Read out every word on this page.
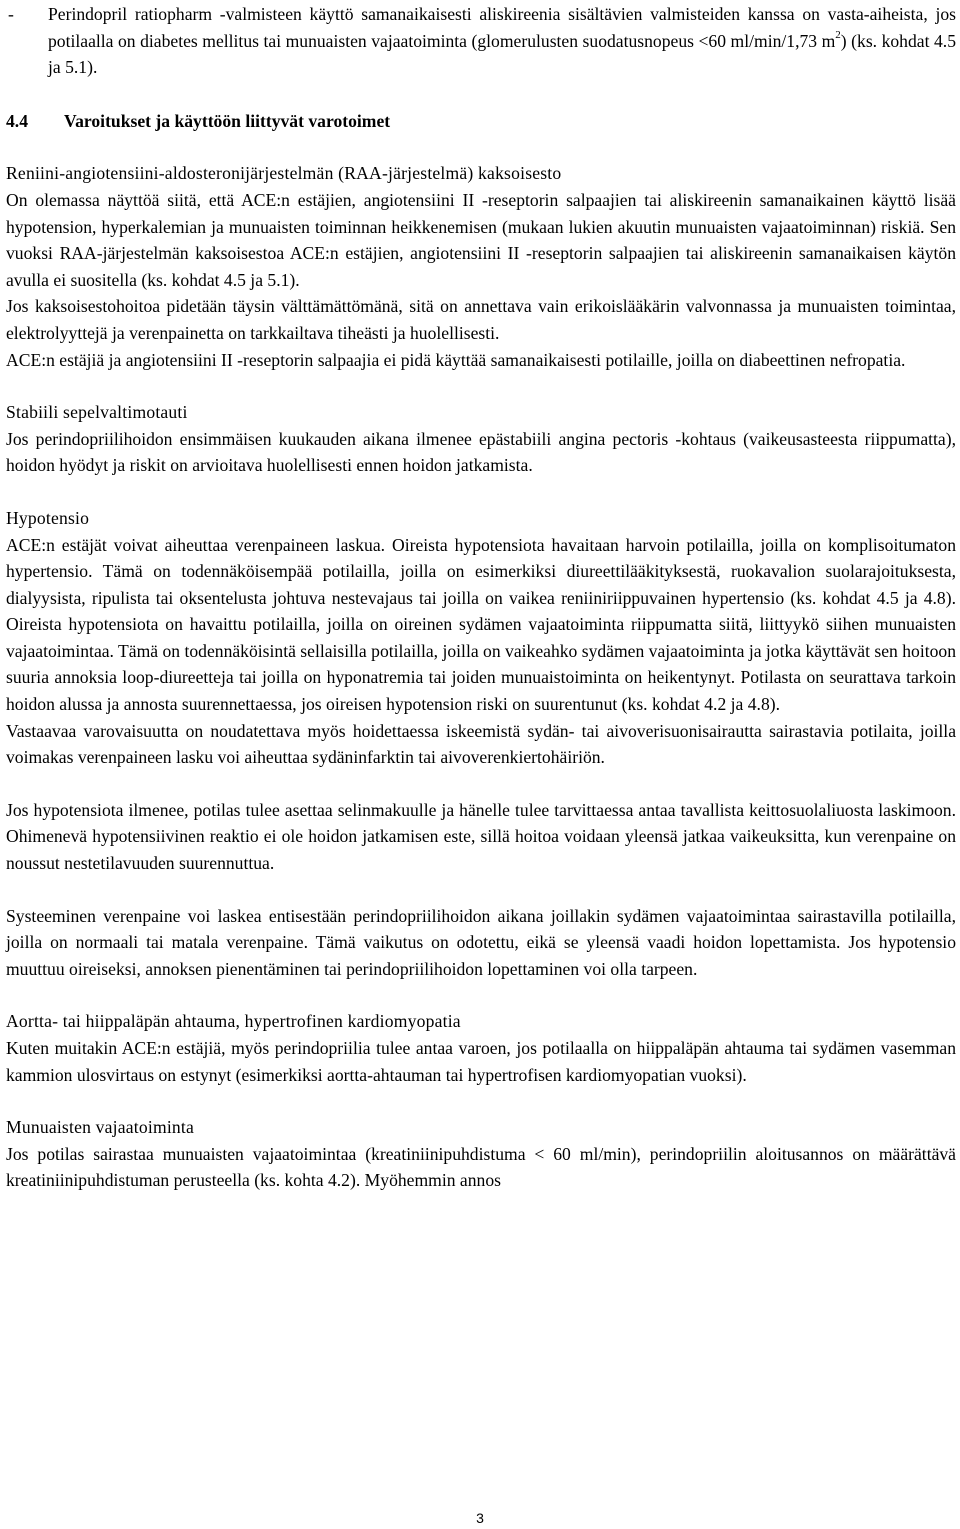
- Perindopril ratiopharm -valmisteen käyttö samanaikaisesti aliskireenia sisältävien valmisteiden kanssa on vasta-aiheista, jos potilaalla on diabetes mellitus tai munuaisten vajaatoiminta (glomerulusten suodatusnopeus <60 ml/min/1,73 $m^2$) (ks. kohdat 4.5 ja 5.1).

4.4 Varoitukset ja käyttöön liittyvät varotoimet

Reniini-angiotensiini-aldosteronijärjestelmän (RAA-järjestelmä) kaksoisesto

On olemassa näyttöä siitä, että ACE:n estäjien, angiotensiini II -reseptorin salpaajien tai aliskireenin samanaikainen käyttö lisää hypotension, hyperkalemian ja munuaisten toiminnan heikkenemisen (mukaan lukien akuutin munuaisten vajaatoiminnan) riskiä. Sen vuoksi RAA-järjestelmän kaksoisestoa ACE:n estäjien, angiotensiini II -reseptorin salpaajien tai aliskireenin samanaikaisen käytön avulla ei suositella (ks. kohdat 4.5 ja 5.1).

Jos kaksoisestohoitoa pidetään täysin välttämättömänä, sitä on annettava vain erikoislääkärin valvonnassa ja munuaisten toimintaa, elektrolyyttejä ja verenpainetta on tarkkailtava tiheästi ja huolellisesti.

ACE:n estäjiä ja angiotensiini II -reseptorin salpaajia ei pidä käyttää samanaikaisesti potilaille, joilla on diabeettinen nefropatia.

Stabiili sepelvaltimotauti

Jos perindopriilihoidon ensimmäisen kuukauden aikana ilmenee epästabiili angina pectoris -kohtaus (vaikeusasteesta riippumatta), hoidon hyödyt ja riskit on arvioitava huolellisesti ennen hoidon jatkamista.

Hypotensio

ACE:n estäjät voivat aiheuttaa verenpaineen laskua. Oireista hypotensiota havaitaan harvoin potilailla, joilla on komplisoitumaton hypertensio. Tämä on todennäköisempää potilailla, joilla on esimerkiksi diureettilääkityksestä, ruokavalion suolarajoituksesta, dialyysista, ripulista tai oksentelusta johtuva nestevajaus tai joilla on vaikea reniiniriippuvainen hypertensio (ks. kohdat 4.5 ja 4.8). Oireista hypotensiota on havaittu potilailla, joilla on oireinen sydämen vajaatoiminta riippumatta siitä, liittyykö siihen munuaisten vajaatoimintaa. Tämä on todennäköisintä sellaisilla potilailla, joilla on vaikeahko sydämen vajaatoiminta ja jotka käyttävät sen hoitoon suuria annoksia loop-diureetteja tai joilla on hyponatremia tai joiden munuaistoiminta on heikentynyt. Potilasta on seurattava tarkoin hoidon alussa ja annosta suurennettaessa, jos oireisen hypotension riski on suurentunut (ks. kohdat 4.2 ja 4.8).

Vastaavaa varovaisuutta on noudatettava myös hoidettaessa iskeemistä sydän- tai aivoverisuonisairautta sairastavia potilaita, joilla voimakas verenpaineen lasku voi aiheuttaa sydäninfarktin tai aivoverenkiertohäiriön.

Jos hypotensiota ilmenee, potilas tulee asettaa selinmakuulle ja hänelle tulee tarvittaessa antaa tavallista keittosuolaliuosta laskimoon. Ohimenevä hypotensiivinen reaktio ei ole hoidon jatkamisen este, sillä hoitoa voidaan yleensä jatkaa vaikeuksitta, kun verenpaine on noussut nestetilavuuden suurennuttua.

Systeeminen verenpaine voi laskea entisestään perindopriilihoidon aikana joillakin sydämen vajaatoimintaa sairastavilla potilailla, joilla on normaali tai matala verenpaine. Tämä vaikutus on odotettu, eikä se yleensä vaadi hoidon lopettamista. Jos hypotensio muuttuu oireiseksi, annoksen pienentäminen tai perindopriilihoidon lopettaminen voi olla tarpeen.

Aortta- tai hiippaläpän ahtauma, hypertrofinen kardiomyopatia

Kuten muitakin ACE:n estäjiä, myös perindopriilia tulee antaa varoen, jos potilaalla on hiippaläpän ahtauma tai sydämen vasemman kammion ulosvirtaus on estynyt (esimerkiksi aortta-ahtauman tai hypertrofisen kardiomyopatian vuoksi).

Munuaisten vajaatoiminta

Jos potilas sairastaa munuaisten vajaatoimintaa (kreatiniinipuhdistuma < 60 ml/min), perindopriilin aloitusannos on määrättävä kreatiniinipuhdistuman perusteella (ks. kohta 4.2). Myöhemmin annos

3
